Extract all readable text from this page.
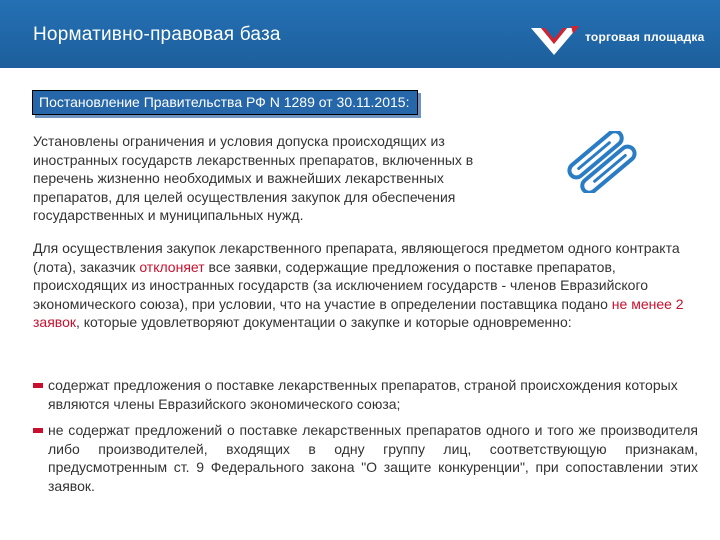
Нормативно-правовая база	торговая площадка
Постановление Правительства РФ N 1289 от 30.11.2015:

Установлены ограничения и условия допуска происходящих из иностранных государств лекарственных препаратов, включенных в перечень жизненно необходимых и важнейших лекарственных препаратов, для целей осуществления закупок для обеспечения государственных и муниципальных нужд.

Для осуществления закупок лекарственного препарата, являющегося предметом одного контракта (лота), заказчик отклоняет все заявки, содержащие предложения о поставке препаратов, происходящих из иностранных государств (за исключением государств - членов Евразийского экономического союза), при условии, что на участие в определении поставщика подано не менее 2 заявок, которые удовлетворяют документации о закупке и которые одновременно:

содержат предложения о поставке лекарственных препаратов, страной происхождения которых являются члены Евразийского экономического союза;
не содержат предложений о поставке лекарственных препаратов одного и того же производителя либо производителей, входящих в одну группу лиц, соответствующую признакам, предусмотренным ст. 9 Федерального закона "О защите конкуренции", при сопоставлении этих заявок.
